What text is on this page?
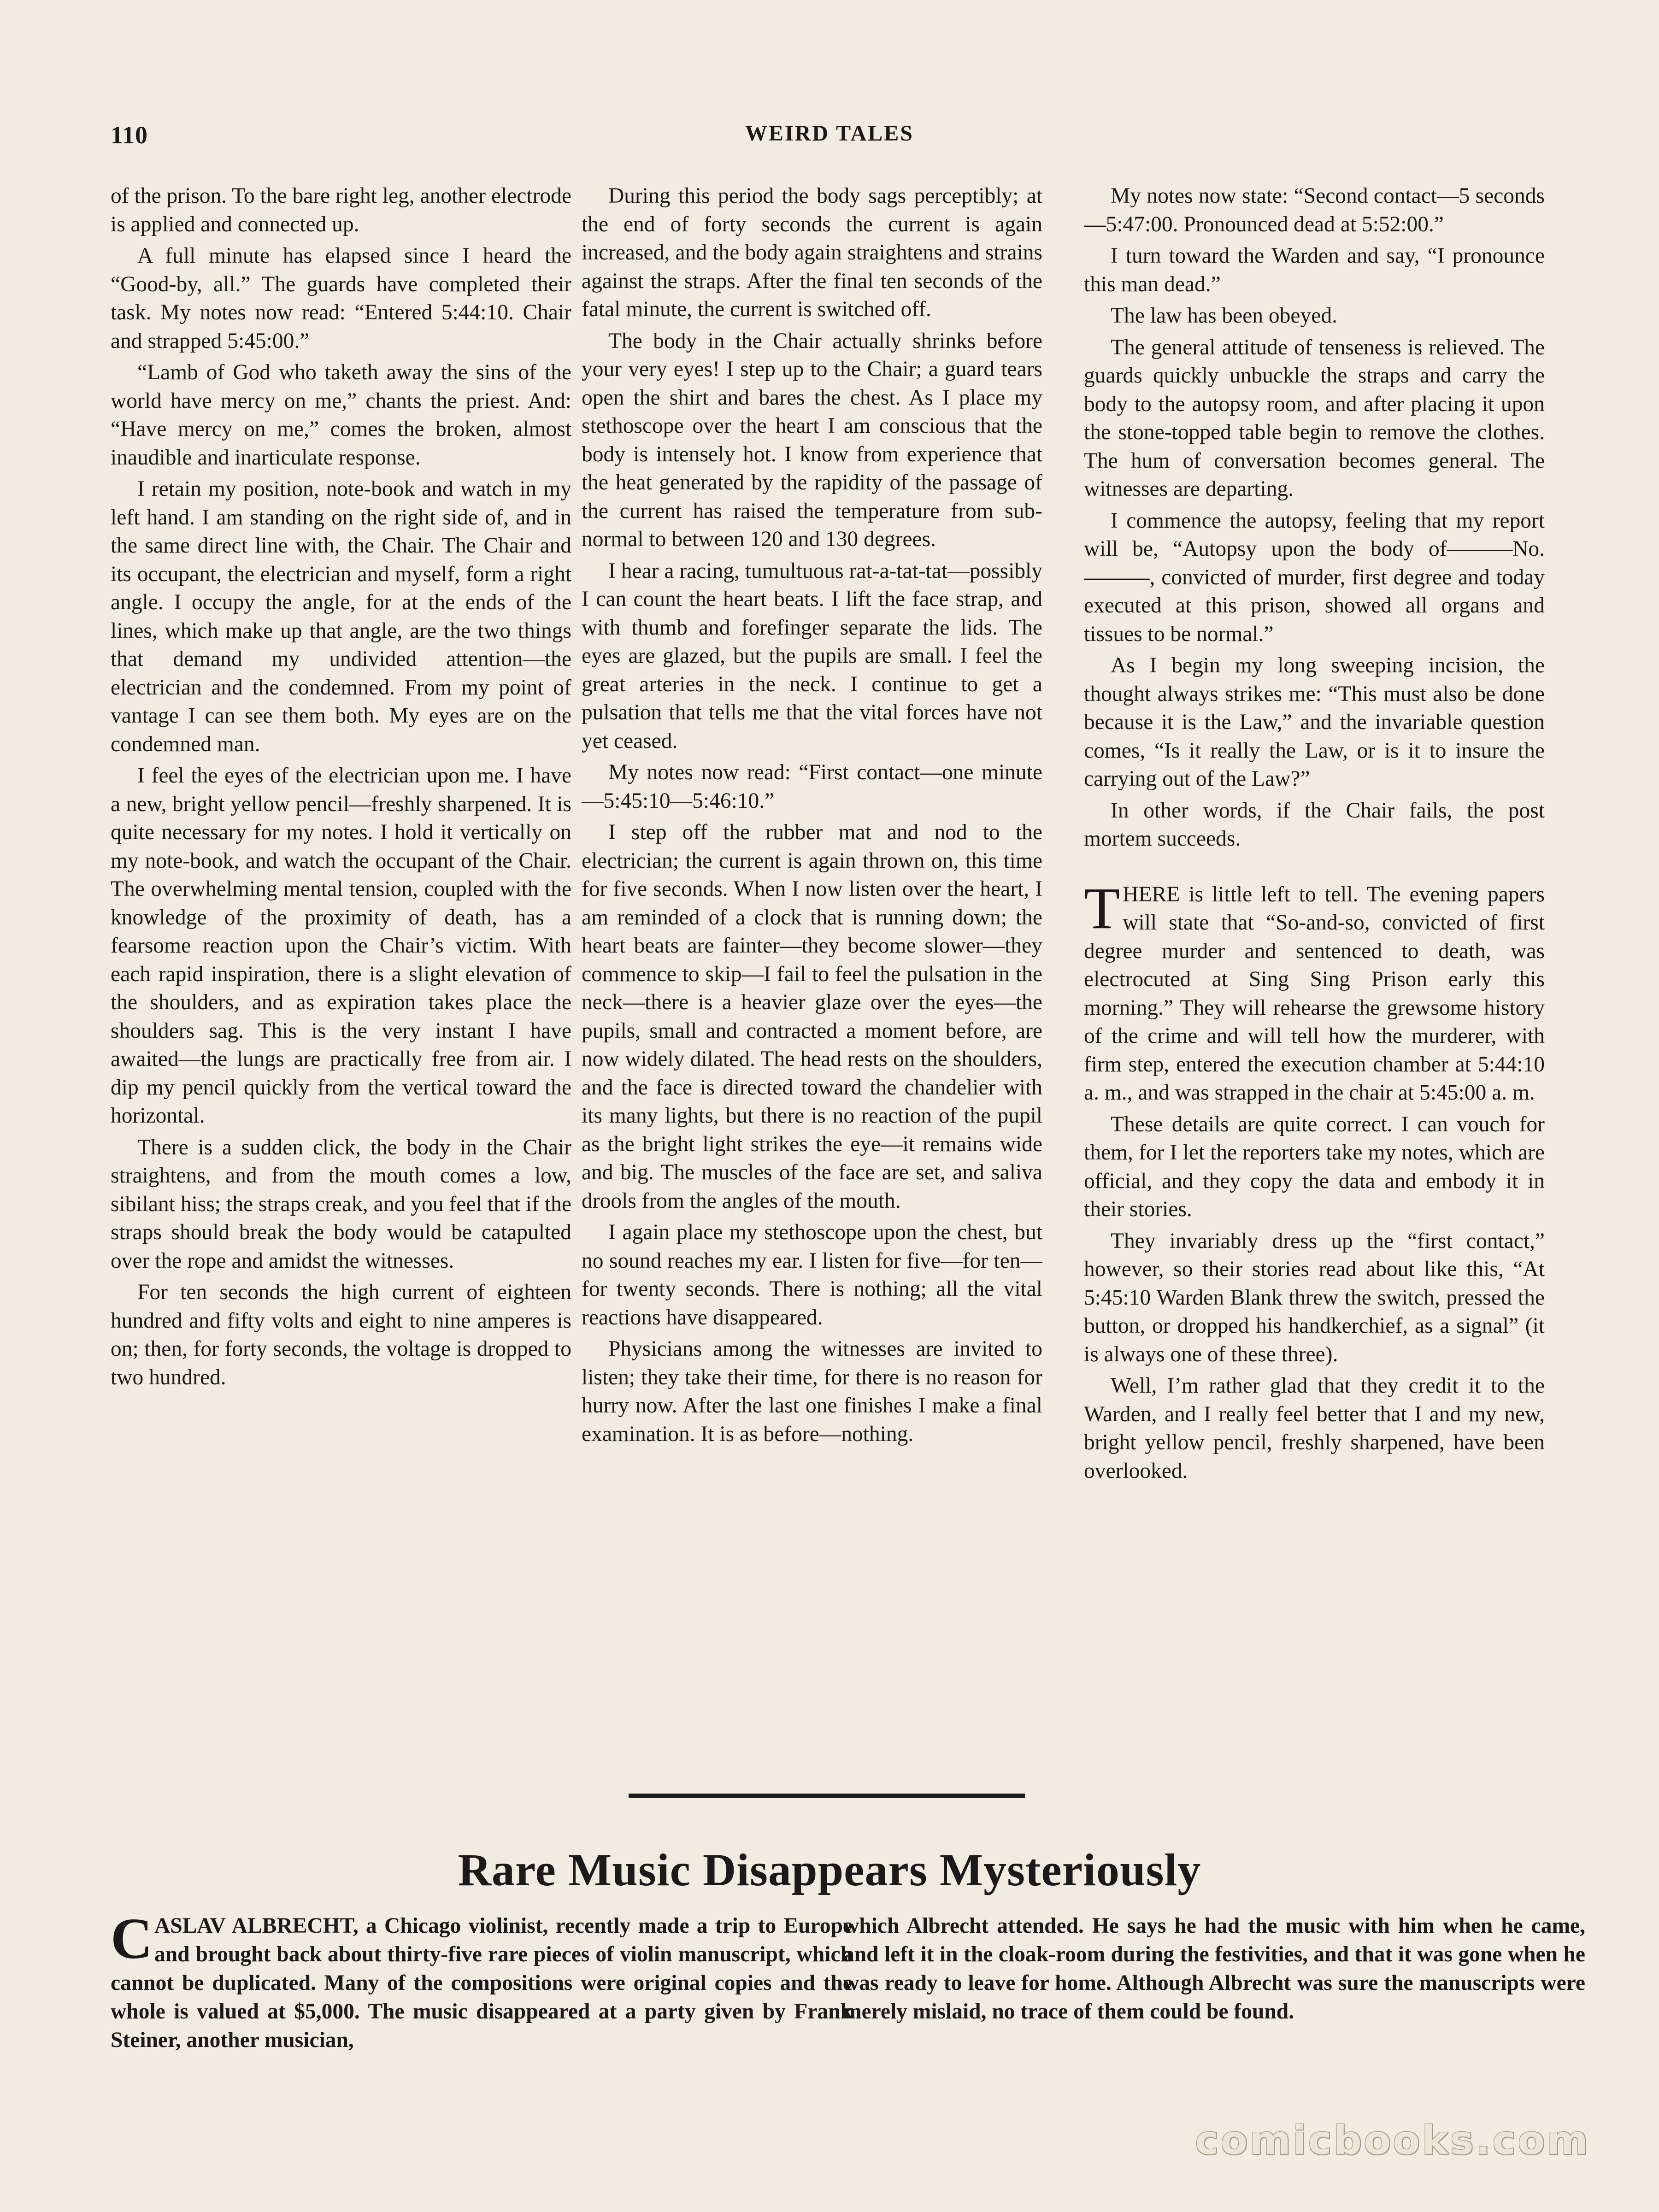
110	WEIRD TALES

of the prison. To the bare right leg, another electrode is applied and connected up.

A full minute has elapsed since I heard the “Good-by, all.” The guards have completed their task. My notes now read: “Entered 5:44:10. Chair and strapped 5:45:00.”

“Lamb of God who taketh away the sins of the world have mercy on me,” chants the priest. And: “Have mercy on me,” comes the broken, almost inaudible and inarticulate response.

I retain my position, note-book and watch in my left hand. I am standing on the right side of, and in the same direct line with, the Chair. The Chair and its occupant, the electrician and myself, form a right angle. I occupy the angle, for at the ends of the lines, which make up that angle, are the two things that demand my undivided attention—the electrician and the condemned. From my point of vantage I can see them both. My eyes are on the condemned man.

I feel the eyes of the electrician upon me. I have a new, bright yellow pencil—freshly sharpened. It is quite necessary for my notes. I hold it vertically on my note-book, and watch the occupant of the Chair. The overwhelming mental tension, coupled with the knowledge of the proximity of death, has a fearsome reaction upon the Chair’s victim. With each rapid inspiration, there is a slight elevation of the shoulders, and as expiration takes place the shoulders sag. This is the very instant I have awaited—the lungs are practically free from air. I dip my pencil quickly from the vertical toward the horizontal.

There is a sudden click, the body in the Chair straightens, and from the mouth comes a low, sibilant hiss; the straps creak, and you feel that if the straps should break the body would be catapulted over the rope and amidst the witnesses.

For ten seconds the high current of eighteen hundred and fifty volts and eight to nine amperes is on; then, for forty seconds, the voltage is dropped to two hundred.

During this period the body sags perceptibly; at the end of forty seconds the current is again increased, and the body again straightens and strains against the straps. After the final ten seconds of the fatal minute, the current is switched off.

The body in the Chair actually shrinks before your very eyes! I step up to the Chair; a guard tears open the shirt and bares the chest. As I place my stethoscope over the heart I am conscious that the body is intensely hot. I know from experience that the heat generated by the rapidity of the passage of the current has raised the temperature from sub-normal to between 120 and 130 degrees.

I hear a racing, tumultuous rat-a-tat-tat—possibly I can count the heart beats. I lift the face strap, and with thumb and forefinger separate the lids. The eyes are glazed, but the pupils are small. I feel the great arteries in the neck. I continue to get a pulsation that tells me that the vital forces have not yet ceased.

My notes now read: “First contact—one minute—5:45:10—5:46:10.”

I step off the rubber mat and nod to the electrician; the current is again thrown on, this time for five seconds. When I now listen over the heart, I am reminded of a clock that is running down; the heart beats are fainter—they become slower—they commence to skip—I fail to feel the pulsation in the neck—there is a heavier glaze over the eyes—the pupils, small and contracted a moment before, are now widely dilated. The head rests on the shoulders, and the face is directed toward the chandelier with its many lights, but there is no reaction of the pupil as the bright light strikes the eye—it remains wide and big. The muscles of the face are set, and saliva drools from the angles of the mouth.

I again place my stethoscope upon the chest, but no sound reaches my ear. I listen for five—for ten—for twenty seconds. There is nothing; all the vital reactions have disappeared.

Physicians among the witnesses are invited to listen; they take their time, for there is no reason for hurry now. After the last one finishes I make a final examination. It is as before—nothing.

My notes now state: “Second contact—5 seconds—5:47:00. Pronounced dead at 5:52:00.”

I turn toward the Warden and say, “I pronounce this man dead.”

The law has been obeyed.

The general attitude of tenseness is relieved. The guards quickly unbuckle the straps and carry the body to the autopsy room, and after placing it upon the stone-topped table begin to remove the clothes. The hum of conversation becomes general. The witnesses are departing.

I commence the autopsy, feeling that my report will be, “Autopsy upon the body of———No.———, convicted of murder, first degree and today executed at this prison, showed all organs and tissues to be normal.”

As I begin my long sweeping incision, the thought always strikes me: “This must also be done because it is the Law,” and the invariable question comes, “Is it really the Law, or is it to insure the carrying out of the Law?”

In other words, if the Chair fails, the post mortem succeeds.

THERE is little left to tell. The evening papers will state that “So-and-so, convicted of first degree murder and sentenced to death, was electrocuted at Sing Sing Prison early this morning.” They will rehearse the grewsome history of the crime and will tell how the murderer, with firm step, entered the execution chamber at 5:44:10 a. m., and was strapped in the chair at 5:45:00 a. m.

These details are quite correct. I can vouch for them, for I let the reporters take my notes, which are official, and they copy the data and embody it in their stories.

They invariably dress up the “first contact,” however, so their stories read about like this, “At 5:45:10 Warden Blank threw the switch, pressed the button, or dropped his handkerchief, as a signal” (it is always one of these three).

Well, I’m rather glad that they credit it to the Warden, and I really feel better that I and my new, bright yellow pencil, freshly sharpened, have been overlooked.

Rare Music Disappears Mysteriously

CASLAV ALBRECHT, a Chicago violinist, recently made a trip to Europe and brought back about thirty-five rare pieces of violin manuscript, which cannot be duplicated. Many of the compositions were original copies and the whole is valued at $5,000. The music disappeared at a party given by Frank Steiner, another musician,

which Albrecht attended. He says he had the music with him when he came, and left it in the cloak-room during the festivities, and that it was gone when he was ready to leave for home. Although Albrecht was sure the manuscripts were merely mislaid, no trace of them could be found.

comicbooks.com
